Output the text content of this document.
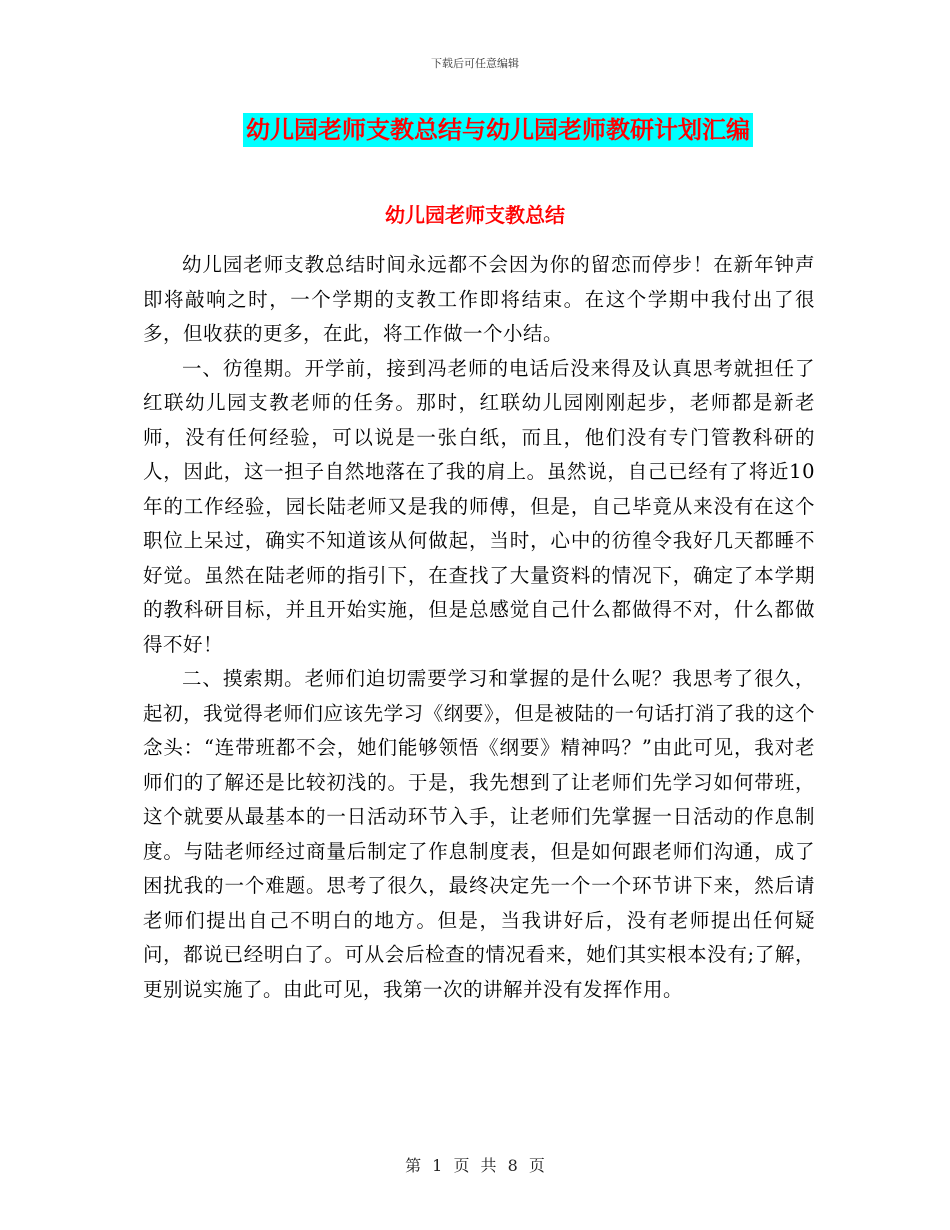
下载后可任意编辑
幼儿园老师支教总结与幼儿园老师教研计划汇编
幼儿园老师支教总结

幼儿园老师支教总结时间永远都不会因为你的留恋而停步！在新年钟声即将敲响之时，一个学期的支教工作即将结束。在这个学期中我付出了很多，但收获的更多，在此，将工作做一个小结。

一、彷徨期。开学前，接到冯老师的电话后没来得及认真思考就担任了红联幼儿园支教老师的任务。那时，红联幼儿园刚刚起步，老师都是新老师，没有任何经验，可以说是一张白纸，而且，他们没有专门管教科研的人，因此，这一担子自然地落在了我的肩上。虽然说，自己已经有了将近10年的工作经验，园长陆老师又是我的师傅，但是，自己毕竟从来没有在这个职位上呆过，确实不知道该从何做起，当时，心中的彷徨令我好几天都睡不好觉。虽然在陆老师的指引下，在查找了大量资料的情况下，确定了本学期的教科研目标，并且开始实施，但是总感觉自己什么都做得不对，什么都做得不好！

二、摸索期。老师们迫切需要学习和掌握的是什么呢？我思考了很久，起初，我觉得老师们应该先学习《纲要》，但是被陆的一句话打消了我的这个念头：“连带班都不会，她们能够领悟《纲要》精神吗？”由此可见，我对老师们的了解还是比较初浅的。于是，我先想到了让老师们先学习如何带班，这个就要从最基本的一日活动环节入手，让老师们先掌握一日活动的作息制度。与陆老师经过商量后制定了作息制度表，但是如何跟老师们沟通，成了困扰我的一个难题。思考了很久，最终决定先一个一个环节讲下来，然后请老师们提出自己不明白的地方。但是，当我讲好后，没有老师提出任何疑问，都说已经明白了。可从会后检查的情况看来，她们其实根本没有;了解，更别说实施了。由此可见，我第一次的讲解并没有发挥作用。

第 1 页 共 8 页
